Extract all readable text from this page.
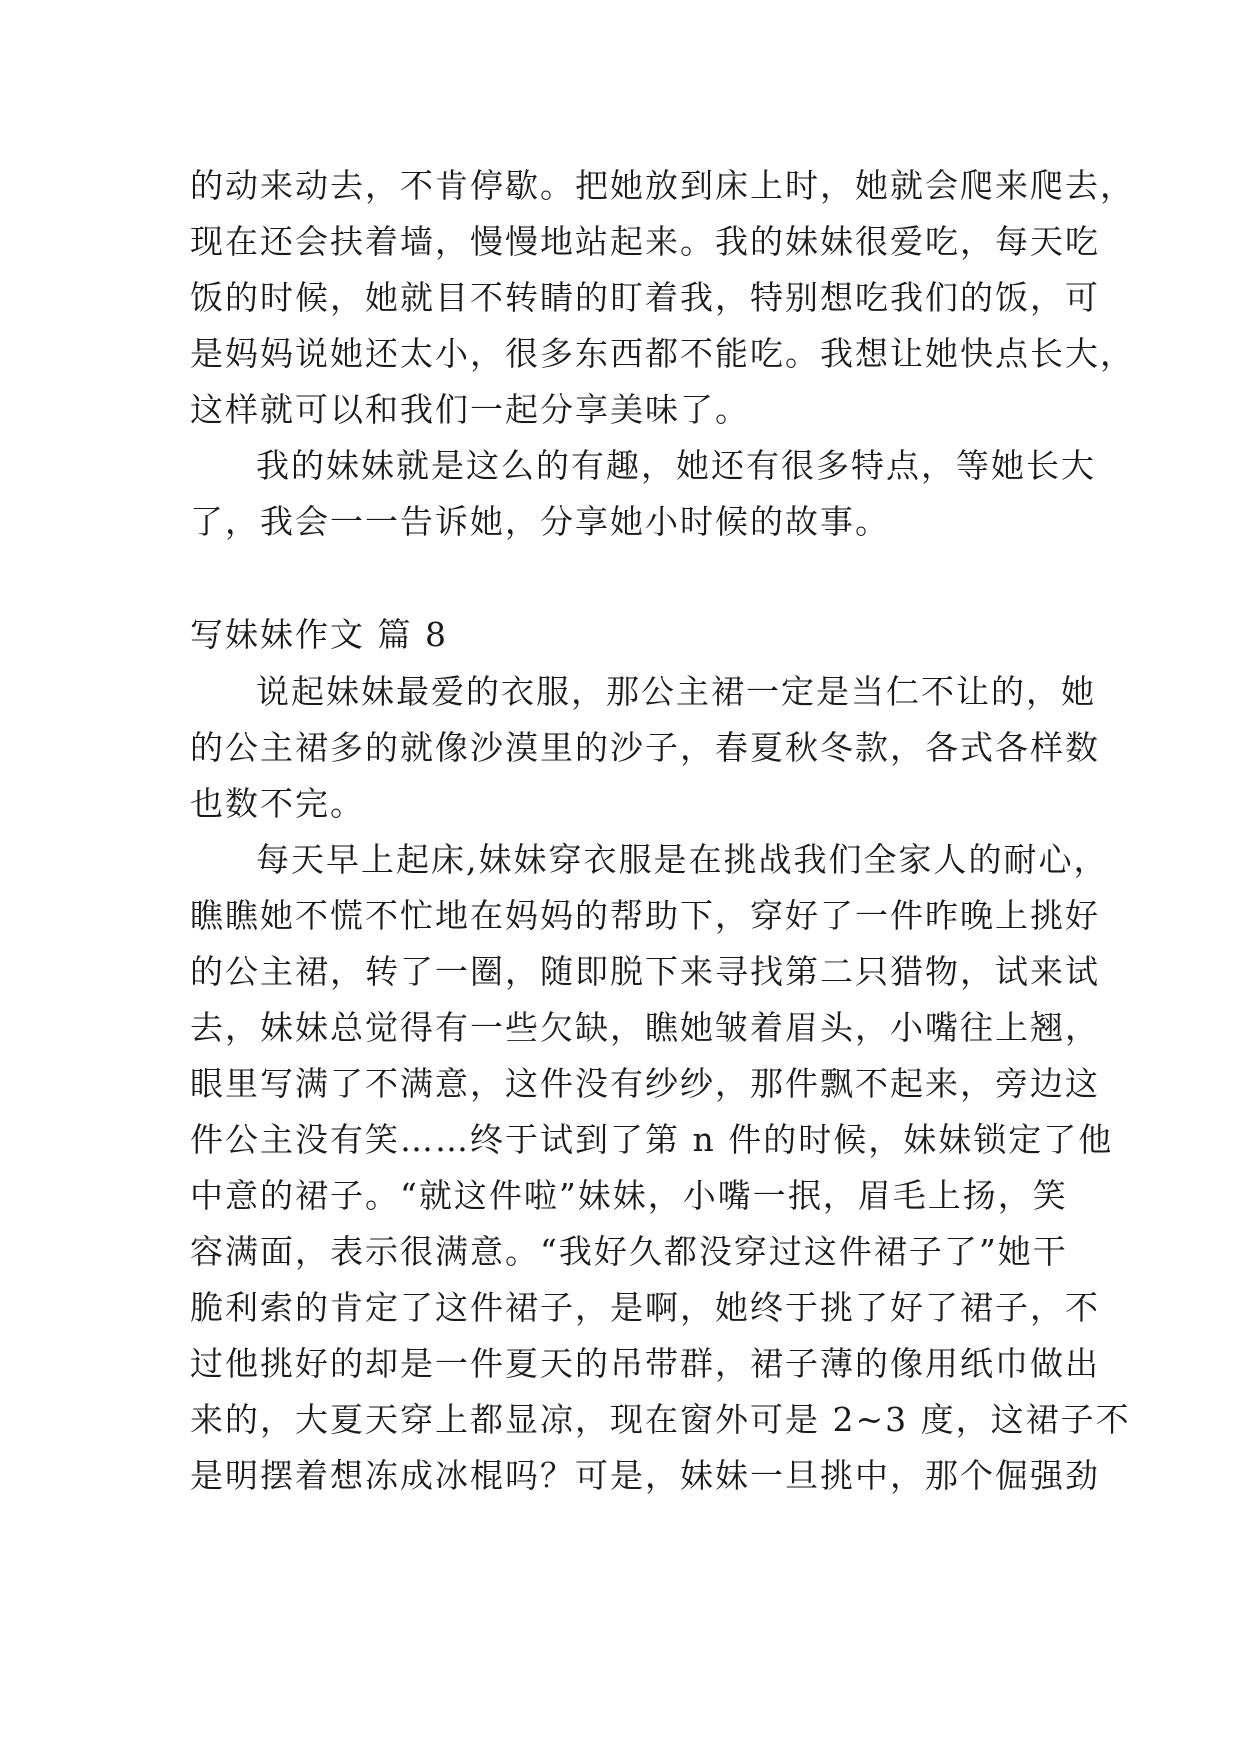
的动来动去，不肯停歇。把她放到床上时，她就会爬来爬去，
现在还会扶着墙，慢慢地站起来。我的妹妹很爱吃，每天吃
饭的时候，她就目不转睛的盯着我，特别想吃我们的饭，可
是妈妈说她还太小，很多东西都不能吃。我想让她快点长大，
这样就可以和我们一起分享美味了。
我的妹妹就是这么的有趣，她还有很多特点，等她长大
了，我会一一告诉她，分享她小时候的故事。
写妹妹作文 篇 8
说起妹妹最爱的衣服，那公主裙一定是当仁不让的，她
的公主裙多的就像沙漠里的沙子，春夏秋冬款，各式各样数
也数不完。
每天早上起床,妹妹穿衣服是在挑战我们全家人的耐心，
瞧瞧她不慌不忙地在妈妈的帮助下，穿好了一件昨晚上挑好
的公主裙，转了一圈，随即脱下来寻找第二只猎物，试来试
去，妹妹总觉得有一些欠缺，瞧她皱着眉头，小嘴往上翘，
眼里写满了不满意，这件没有纱纱，那件飘不起来，旁边这
件公主没有笑……终于试到了第 n 件的时候，妹妹锁定了他
中意的裙子。“就这件啦”妹妹，小嘴一抿，眉毛上扬，笑
容满面，表示很满意。“我好久都没穿过这件裙子了”她干
脆利索的肯定了这件裙子，是啊，她终于挑了好了裙子，不
过他挑好的却是一件夏天的吊带群，裙子薄的像用纸巾做出
来的，大夏天穿上都显凉，现在窗外可是 2~3 度，这裙子不
是明摆着想冻成冰棍吗？可是，妹妹一旦挑中，那个倔强劲
